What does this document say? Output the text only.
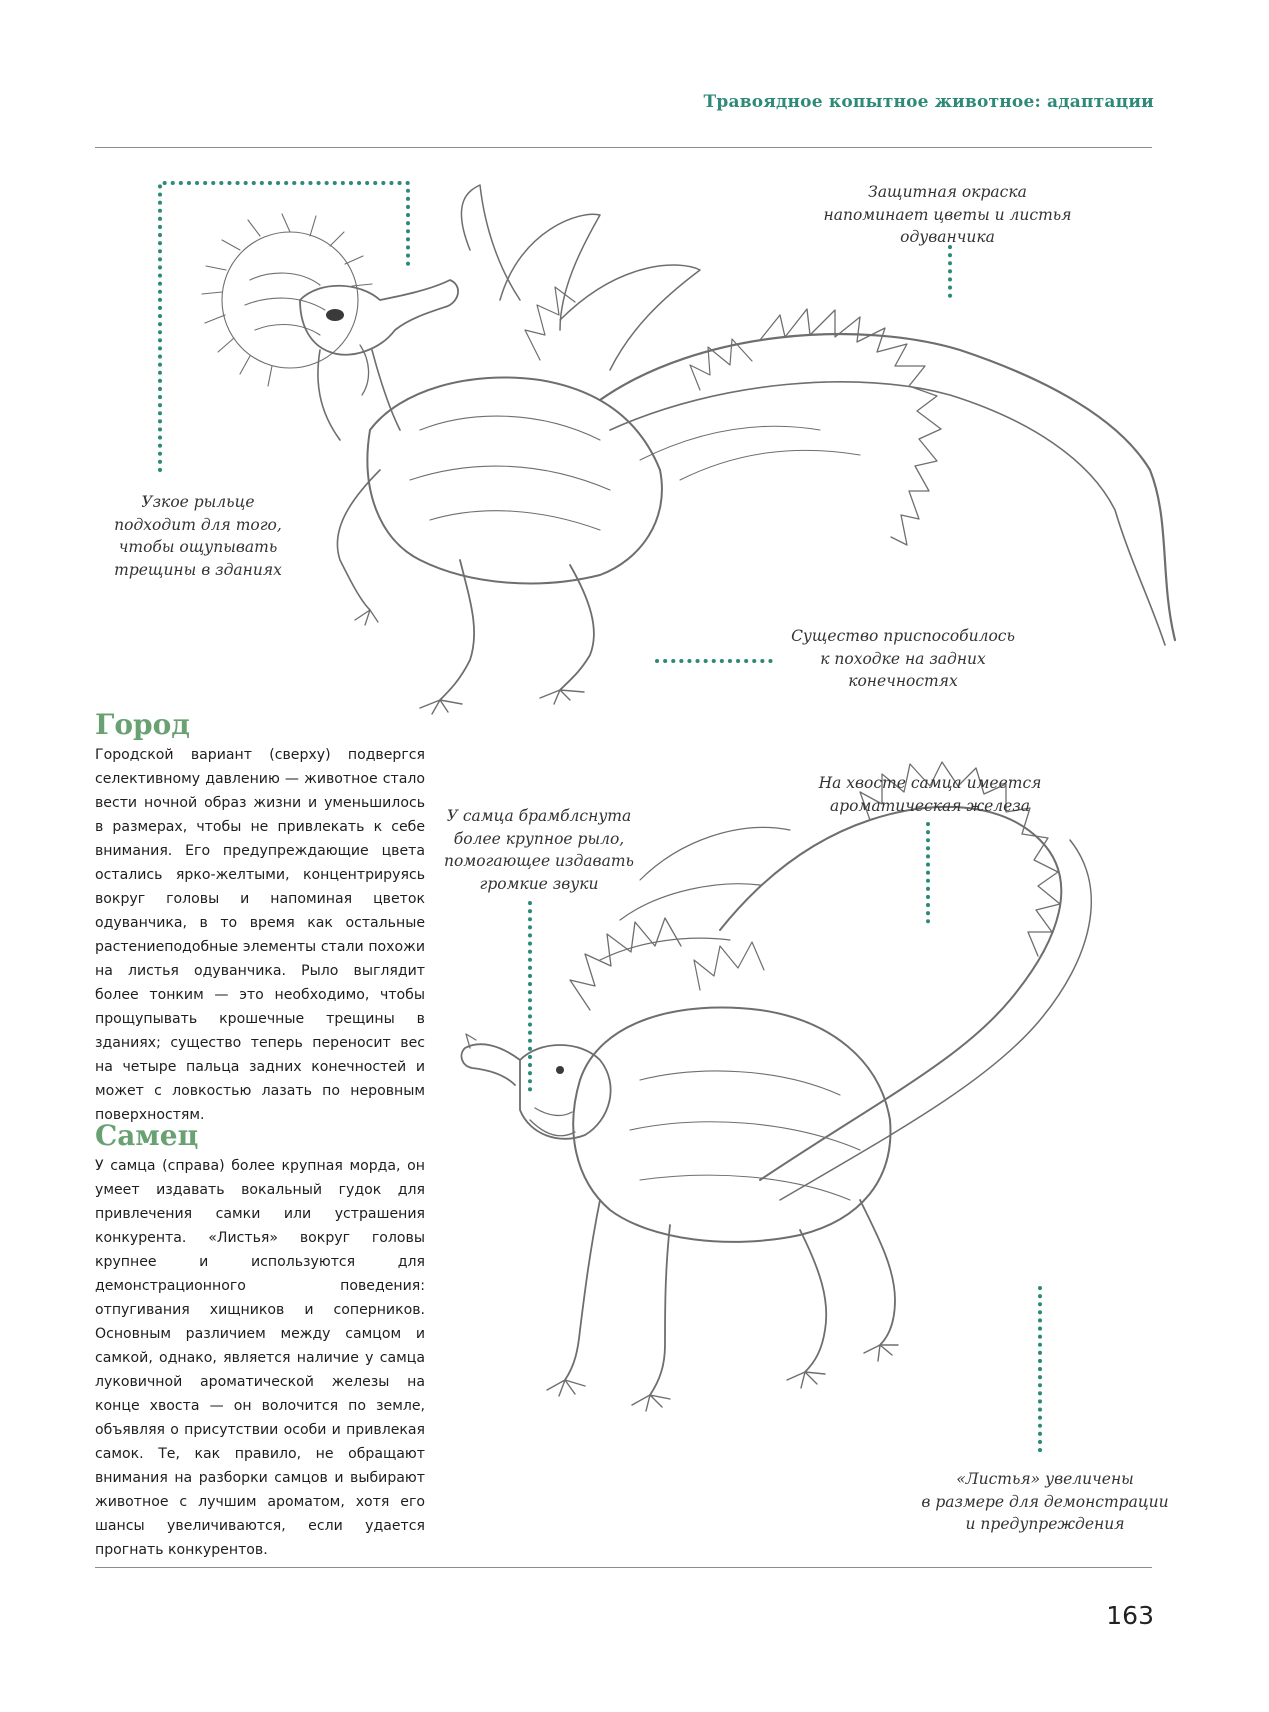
Травоядное копытное животное: адаптации

Узкое рыльце
подходит для того,
чтобы ощупывать
трещины в зданиях

Защитная окраска
напоминает цветы и листья
одуванчика

Существо приспособилось
к походке на задних
конечностях

У самца брамблснута
более крупное рыло,
помогающее издавать
громкие звуки

На хвосте самца имеется
ароматическая железа

«Листья» увеличены
в размере для демонстрации
и предупреждения

Город

Городской вариант (сверху) подвергся селективному давлению — животное стало вести ночной образ жизни и уменьшилось в размерах, чтобы не привлекать к себе внимания. Его предупреждающие цвета остались ярко-желтыми, концентрируясь вокруг головы и напоминая цветок одуванчика, в то время как остальные растениеподобные элементы стали похожи на листья одуванчика. Рыло выглядит более тонким — это необходимо, чтобы прощупывать крошечные трещины в зданиях; существо теперь переносит вес на четыре пальца задних конечностей и может с ловкостью лазать по неровным поверхностям.

Самец

У самца (справа) более крупная морда, он умеет издавать вокальный гудок для привлечения самки или устрашения конкурента. «Листья» вокруг головы крупнее и используются для демонстрационного поведения: отпугивания хищников и соперников. Основным различием между самцом и самкой, однако, является наличие у самца луковичной ароматической железы на конце хвоста — он волочится по земле, объявляя о присутствии особи и привлекая самок. Те, как правило, не обращают внимания на разборки самцов и выбирают животное с лучшим ароматом, хотя его шансы увеличиваются, если удается прогнать конкурентов.

163
